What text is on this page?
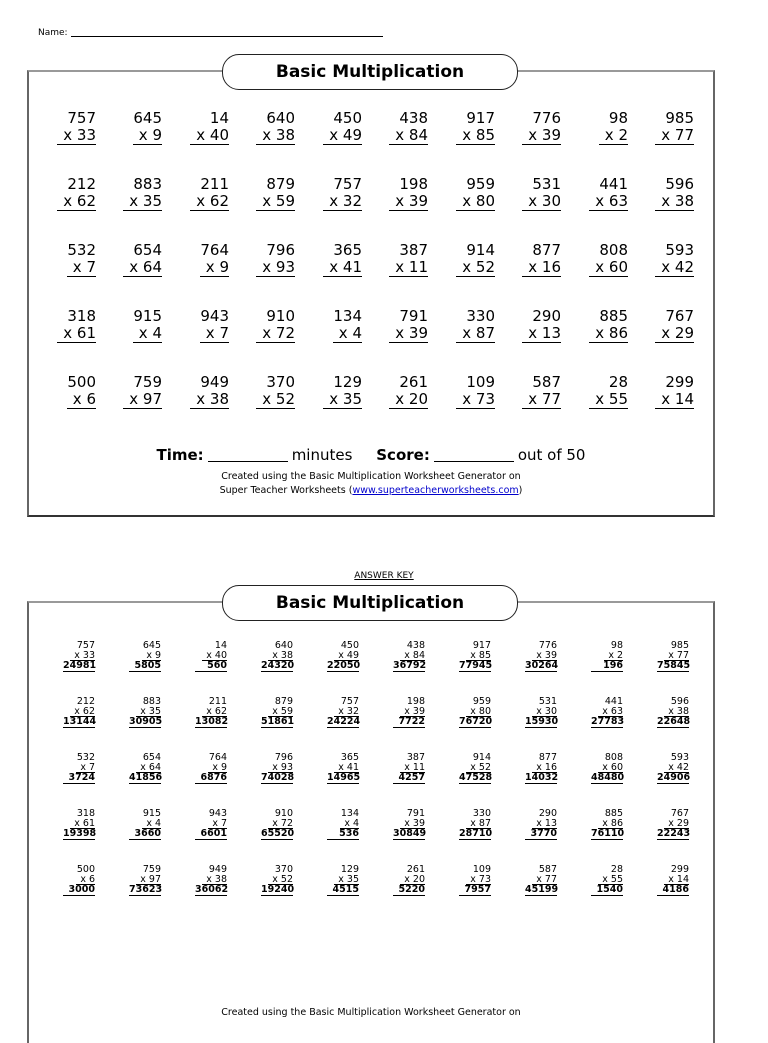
Name:
Basic Multiplication
757
x 33
645
x 9
14
x 40
640
x 38
450
x 49
438
x 84
917
x 85
776
x 39
98
x 2
985
x 77
212
x 62
883
x 35
211
x 62
879
x 59
757
x 32
198
x 39
959
x 80
531
x 30
441
x 63
596
x 38
532
x 7
654
x 64
764
x 9
796
x 93
365
x 41
387
x 11
914
x 52
877
x 16
808
x 60
593
x 42
318
x 61
915
x 4
943
x 7
910
x 72
134
x 4
791
x 39
330
x 87
290
x 13
885
x 86
767
x 29
500
x 6
759
x 97
949
x 38
370
x 52
129
x 35
261
x 20
109
x 73
587
x 77
28
x 55
299
x 14
Time:	minutes Score:	out of 50
Created using the Basic Multiplication Worksheet Generator on
Super Teacher Worksheets (www.superteacherworksheets.com)
ANSWER KEY
Basic Multiplication
757
x 33
24981
645
x 9
5805
14
x 40
560
640
x 38
24320
450
x 49
22050
438
x 84
36792
917
x 85
77945
776
x 39
30264
98
x 2
196
985
x 77
75845
212
x 62
13144
883
x 35
30905
211
x 62
13082
879
x 59
51861
757
x 32
24224
198
x 39
7722
959
x 80
76720
531
x 30
15930
441
x 63
27783
596
x 38
22648
532
x 7
3724
654
x 64
41856
764
x 9
6876
796
x 93
74028
365
x 41
14965
387
x 11
4257
914
x 52
47528
877
x 16
14032
808
x 60
48480
593
x 42
24906
318
x 61
19398
915
x 4
3660
943
x 7
6601
910
x 72
65520
134
x 4
536
791
x 39
30849
330
x 87
28710
290
x 13
3770
885
x 86
76110
767
x 29
22243
500
x 6
3000
759
x 97
73623
949
x 38
36062
370
x 52
19240
129
x 35
4515
261
x 20
5220
109
x 73
7957
587
x 77
45199
28
x 55
1540
299
x 14
4186
Created using the Basic Multiplication Worksheet Generator on
